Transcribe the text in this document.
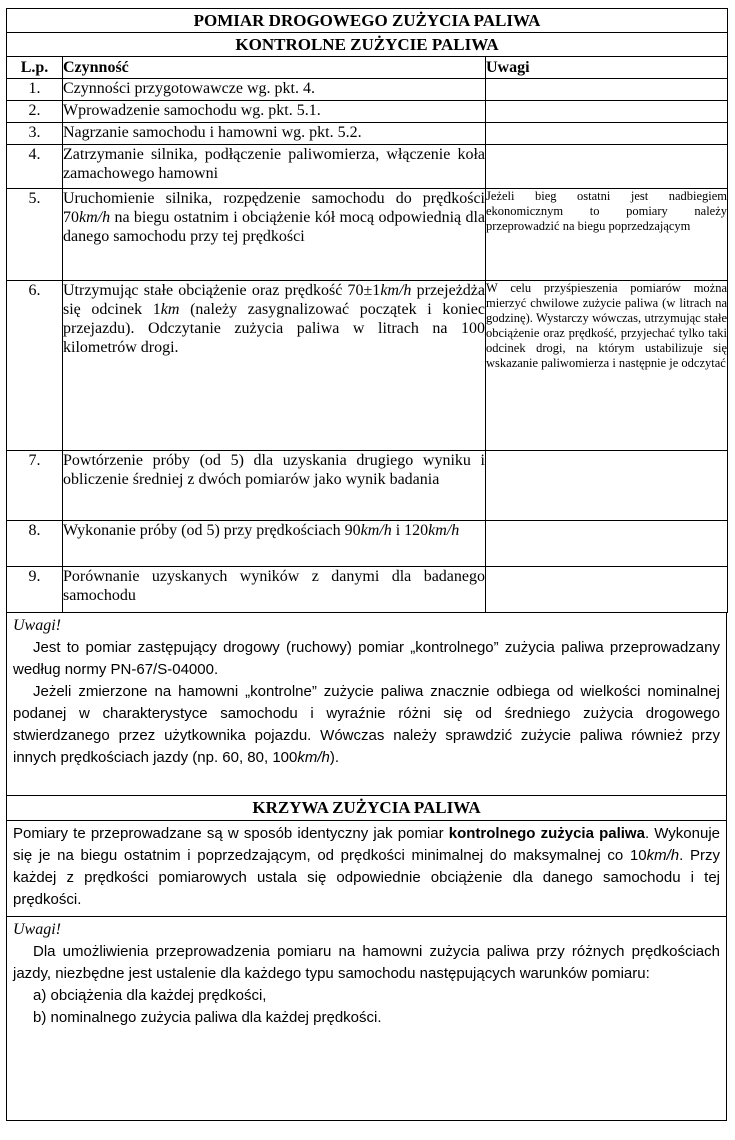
POMIAR DROGOWEGO ZUŻYCIA PALIWA		
KONTROLNE ZUŻYCIE PALIWA		
L.p.	Czynność	Uwagi
1.	Czynności przygotowawcze wg. pkt. 4.	
2.	Wprowadzenie samochodu wg. pkt. 5.1.	
3.	Nagrzanie samochodu i hamowni wg. pkt. 5.2.	
4.	Zatrzymanie silnika, podłączenie paliwomierza, włączenie koła zamachowego hamowni	
5.	Uruchomienie silnika, rozpędzenie samochodu do prędkości 70km/h na biegu ostatnim i obciążenie kół mocą odpowiednią dla danego samochodu przy tej prędkości	Jeżeli bieg ostatni jest nadbiegiem ekonomicznym to pomiary należy przeprowadzić na biegu poprzedzającym
6.	Utrzymując stałe obciążenie oraz prędkość 70±1km/h przejeżdża się odcinek 1km (należy zasygnalizować początek i koniec przejazdu). Odczytanie zużycia paliwa w litrach na 100 kilometrów drogi.	W celu przyśpieszenia pomiarów można mierzyć chwilowe zużycie paliwa (w litrach na godzinę). Wystarczy wówczas, utrzymując stałe obciążenie oraz prędkość, przyjechać tylko taki odcinek drogi, na którym ustabilizuje się wskazanie paliwomierza i następnie je odczytać
7.	Powtórzenie próby (od 5) dla uzyskania drugiego wyniku i obliczenie średniej z dwóch pomiarów jako wynik badania	
8.	Wykonanie próby (od 5) przy prędkościach 90km/h i 120km/h	
9.	Porównanie uzyskanych wyników z danymi dla badanego samochodu	
Uwagi!

Jest to pomiar zastępujący drogowy (ruchowy) pomiar „kontrolnego” zużycia paliwa przeprowadzany według normy PN-67/S-04000.

Jeżeli zmierzone na hamowni „kontrolne” zużycie paliwa znacznie odbiega od wielkości nominalnej podanej w charakterystyce samochodu i wyraźnie różni się od średniego zużycia drogowego stwierdzanego przez użytkownika pojazdu. Wówczas należy sprawdzić zużycie paliwa również przy innych prędkościach jazdy (np. 60, 80, 100km/h).

KRZYWA ZUŻYCIA PALIWA
Pomiary te przeprowadzane są w sposób identyczny jak pomiar kontrolnego zużycia paliwa. Wykonuje się je na biegu ostatnim i poprzedzającym, od prędkości minimalnej do maksymalnej co 10km/h. Przy każdej z prędkości pomiarowych ustala się odpowiednie obciążenie dla danego samochodu i tej prędkości.
Uwagi!

Dla umożliwienia przeprowadzenia pomiaru na hamowni zużycia paliwa przy różnych prędkościach jazdy, niezbędne jest ustalenie dla każdego typu samochodu następujących warunków pomiaru:

a) obciążenia dla każdej prędkości,

b) nominalnego zużycia paliwa dla każdej prędkości.
